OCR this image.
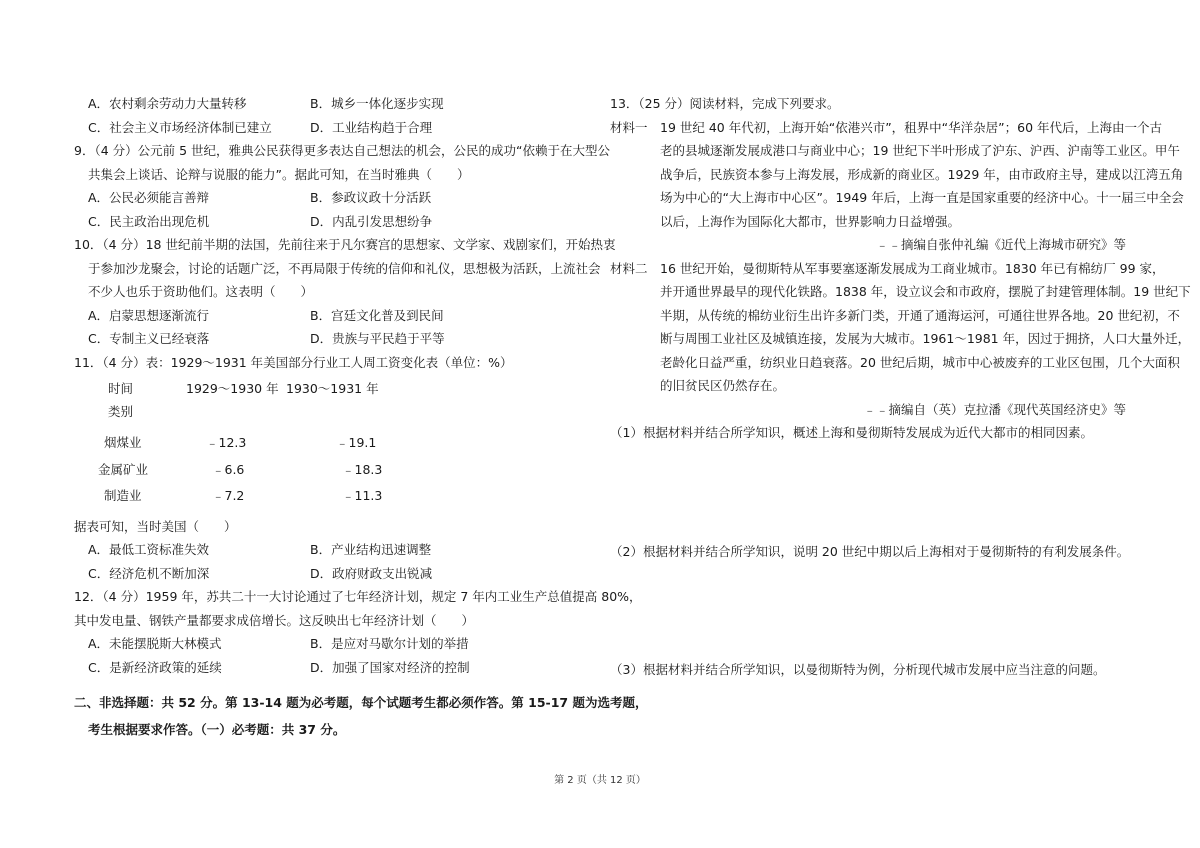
A．农村剩余劳动力大量转移	B．城乡一体化逐步实现
C．社会主义市场经济体制已建立	D．工业结构趋于合理
9．（4 分）公元前 5 世纪，雅典公民获得更多表达自己想法的机会，公民的成功“依赖于在大型公
共集会上谈话、论辩与说服的能力”。据此可知，在当时雅典（　　）
A．公民必须能言善辩	B．参政议政十分活跃
C．民主政治出现危机	D．内乱引发思想纷争
10．（4 分）18 世纪前半期的法国，先前往来于凡尔赛宫的思想家、文学家、戏剧家们，开始热衷
于参加沙龙聚会，讨论的话题广泛，不再局限于传统的信仰和礼仪，思想极为活跃，上流社会
不少人也乐于资助他们。这表明（　　）
A．启蒙思想逐渐流行	B．宫廷文化普及到民间
C．专制主义已经衰落	D．贵族与平民趋于平等
11．（4 分）表：1929～1931 年美国部分行业工人周工资变化表（单位：%）
时间	1929～1930 年 1930～1931 年
类别
烟煤业	﹣12.3	﹣19.1
金属矿业	﹣6.6	﹣18.3
制造业	﹣7.2	﹣11.3
据表可知，当时美国（　　）
A．最低工资标准失效	B．产业结构迅速调整
C．经济危机不断加深	D．政府财政支出锐减
12．（4 分）1959 年，苏共二十一大讨论通过了七年经济计划，规定 7 年内工业生产总值提高 80%，
其中发电量、钢铁产量都要求成倍增长。这反映出七年经济计划（　　）
A．未能摆脱斯大林模式	B．是应对马歇尔计划的举措
C．是新经济政策的延续	D．加强了国家对经济的控制
二、非选择题：共 52 分。第 13-14 题为必考题，每个试题考生都必须作答。第 15-17 题为选考题，
考生根据要求作答。（一）必考题：共 37 分。
13．（25 分）阅读材料，完成下列要求。
材料一　19 世纪 40 年代初，上海开始“依港兴市”，租界中“华洋杂居”；60 年代后，上海由一个古
老的县城逐渐发展成港口与商业中心；19 世纪下半叶形成了沪东、沪西、沪南等工业区。甲午
战争后，民族资本参与上海发展，形成新的商业区。1929 年，由市政府主导，建成以江湾五角
场为中心的“大上海市中心区”。1949 年后，上海一直是国家重要的经济中心。十一届三中全会
以后，上海作为国际化大都市，世界影响力日益增强。
﹣﹣摘编自张仲礼编《近代上海城市研究》等
材料二　16 世纪开始，曼彻斯特从军事要塞逐渐发展成为工商业城市。1830 年已有棉纺厂 99 家，
并开通世界最早的现代化铁路。1838 年，设立议会和市政府，摆脱了封建管理体制。19 世纪下
半期，从传统的棉纺业衍生出许多新门类，开通了通海运河，可通往世界各地。20 世纪初，不
断与周围工业社区及城镇连接，发展为大城市。1961～1981 年，因过于拥挤，人口大量外迁，
老龄化日益严重，纺织业日趋衰落。20 世纪后期，城市中心被废弃的工业区包围，几个大面积
的旧贫民区仍然存在。
﹣﹣摘编自（英）克拉潘《现代英国经济史》等
（1）根据材料并结合所学知识，概述上海和曼彻斯特发展成为近代大都市的相同因素。
（2）根据材料并结合所学知识，说明 20 世纪中期以后上海相对于曼彻斯特的有利发展条件。
（3）根据材料并结合所学知识，以曼彻斯特为例，分析现代城市发展中应当注意的问题。
第 2 页（共 12 页）
